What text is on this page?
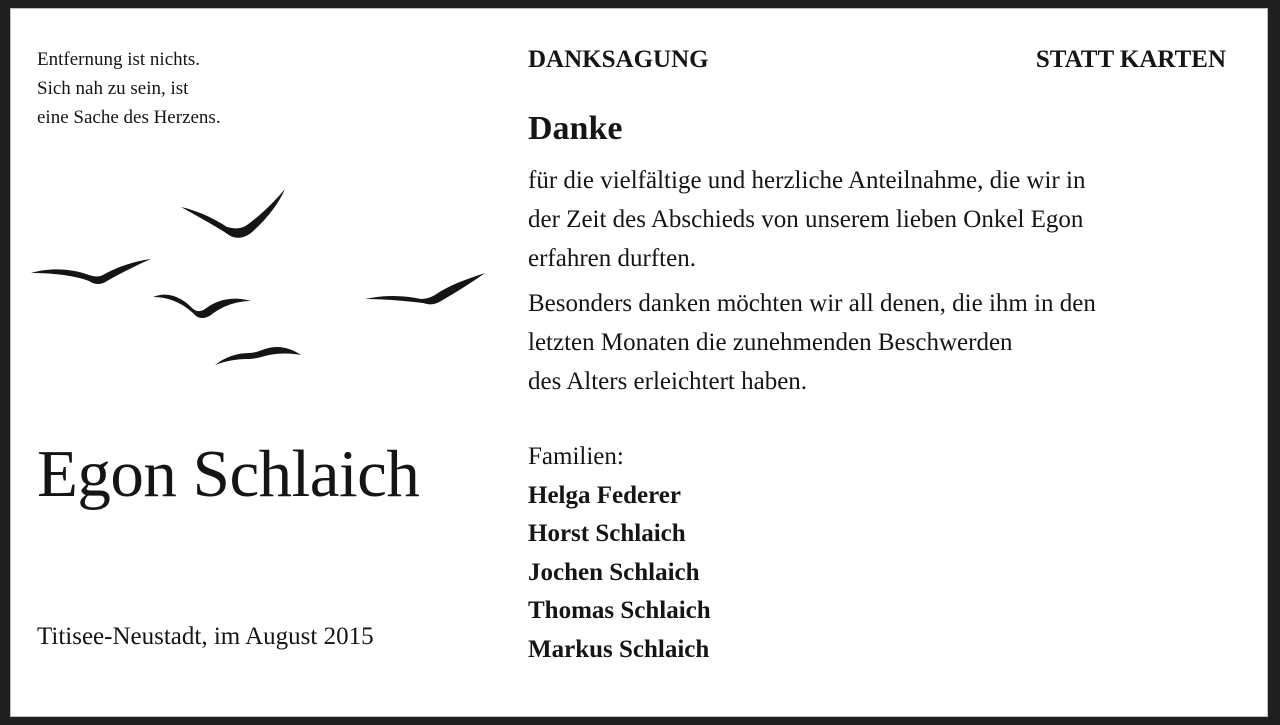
Entfernung ist nichts.
Sich nah zu sein, ist
eine Sache des Herzens.
Egon Schlaich
Titisee-Neustadt, im August 2015
DANKSAGUNG	STATT KARTEN
Danke
für die vielfältige und herzliche Anteilnahme, die wir in
der Zeit des Abschieds von unserem lieben Onkel Egon
erfahren durften.
Besonders danken möchten wir all denen, die ihm in den
letzten Monaten die zunehmenden Beschwerden
des Alters erleichtert haben.
Familien:
Helga Federer
Horst Schlaich
Jochen Schlaich
Thomas Schlaich
Markus Schlaich
